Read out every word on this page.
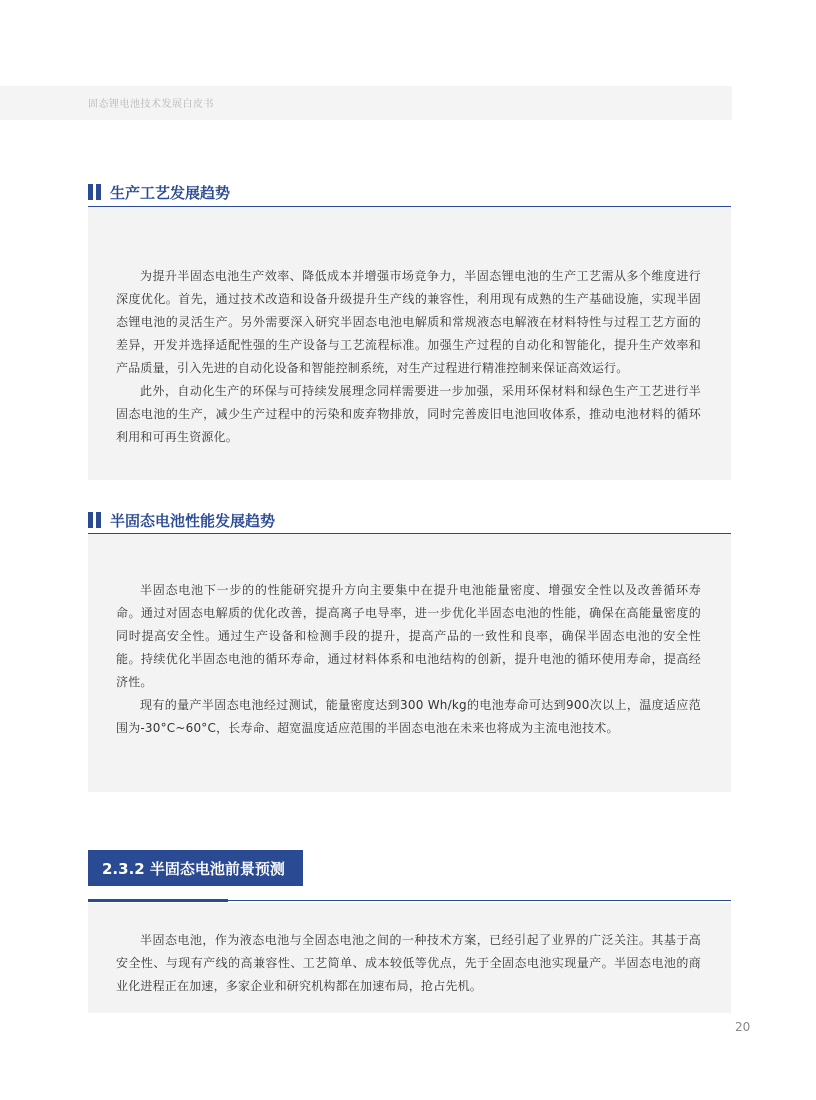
固态锂电池技术发展白皮书
生产工艺发展趋势

为提升半固态电池生产效率、降低成本并增强市场竞争力，半固态锂电池的生产工艺需从多个维度进行深度优化。首先，通过技术改造和设备升级提升生产线的兼容性，利用现有成熟的生产基础设施，实现半固态锂电池的灵活生产。另外需要深入研究半固态电池电解质和常规液态电解液在材料特性与过程工艺方面的差异，开发并选择适配性强的生产设备与工艺流程标准。加强生产过程的自动化和智能化，提升生产效率和产品质量，引入先进的自动化设备和智能控制系统，对生产过程进行精准控制来保证高效运行。

此外，自动化生产的环保与可持续发展理念同样需要进一步加强，采用环保材料和绿色生产工艺进行半固态电池的生产，减少生产过程中的污染和废弃物排放，同时完善废旧电池回收体系，推动电池材料的循环利用和可再生资源化。

半固态电池性能发展趋势

半固态电池下一步的的性能研究提升方向主要集中在提升电池能量密度、增强安全性以及改善循环寿命。通过对固态电解质的优化改善，提高离子电导率，进一步优化半固态电池的性能，确保在高能量密度的同时提高安全性。通过生产设备和检测手段的提升，提高产品的一致性和良率，确保半固态电池的安全性能。持续优化半固态电池的循环寿命，通过材料体系和电池结构的创新，提升电池的循环使用寿命，提高经济性。

现有的量产半固态电池经过测试，能量密度达到300 Wh/kg的电池寿命可达到900次以上，温度适应范围为-30°C~60°C，长寿命、超宽温度适应范围的半固态电池在未来也将成为主流电池技术。

2.3.2 半固态电池前景预测

半固态电池，作为液态电池与全固态电池之间的一种技术方案，已经引起了业界的广泛关注。其基于高安全性、与现有产线的高兼容性、工艺简单、成本较低等优点，先于全固态电池实现量产。半固态电池的商业化进程正在加速，多家企业和研究机构都在加速布局，抢占先机。

20
